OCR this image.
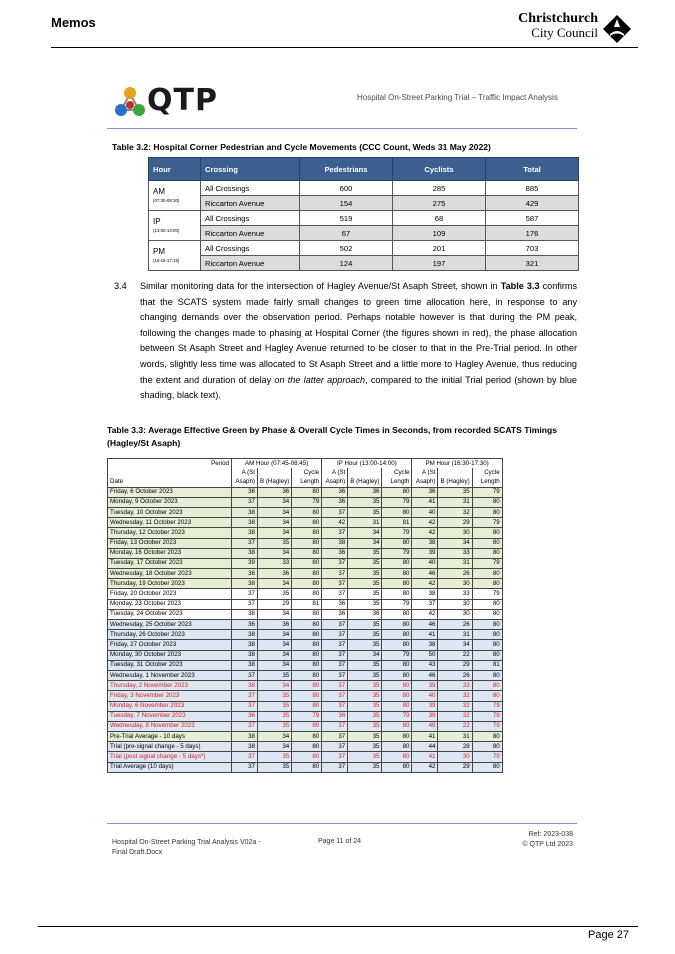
Memos	Christchurch
City Council
QTP	Hospital On-Street Parking Trial – Traffic Impact Analysis
Table 3.2: Hospital Corner Pedestrian and Cycle Movements (CCC Count, Weds 31 May 2022)
Hour	Crossing	Pedestrians	Cyclists	Total
AM
(07:30-08:30)	All Crossings	600	285	885
	Riccarton Avenue	154	275	429
IP
(13:00-14:00)	All Crossings	519	68	587
	Riccarton Avenue	67	109	176
PM
(16:15-17:15)	All Crossings	502	201	703
	Riccarton Avenue	124	197	321
3.4 Similar monitoring data for the intersection of Hagley Avenue/St Asaph Street, shown in Table 3.3 confirms that the SCATS system made fairly small changes to green time allocation here, in response to any changing demands over the observation period. Perhaps notable however is that during the PM peak, following the changes made to phasing at Hospital Corner (the figures shown in red), the phase allocation between St Asaph Street and Hagley Avenue returned to be closer to that in the Pre-Trial period. In other words, slightly less time was allocated to St Asaph Street and a little more to Hagley Avenue, thus reducing the extent and duration of delay on the latter approach, compared to the initial Trial period (shown by blue shading, black text).
Table 3.3: Average Effective Green by Phase & Overall Cycle Times in Seconds, from recorded SCATS Timings (Hagley/St Asaph)
Period	AM Hour (07:45-08:45)			IP Hour (13:00-14:00)			PM Hour (16:30-17:30)		
	A (St		Cycle	A (St		Cycle	A (St		Cycle
Date	Asaph)	B (Hagley)	Length	Asaph)	B (Hagley)	Length	Asaph)	B (Hagley)	Length
Friday, 6 October 2023	36	36	80	36	36	80	36	35	79
Monday, 9 October 2023	37	34	79	36	35	79	41	31	80
Tuesday, 10 October 2023	38	34	80	37	35	80	40	32	80
Wednesday, 11 October 2023	38	34	80	42	31	81	42	29	79
Thursday, 12 October 2023	38	34	80	37	34	79	42	30	80
Friday, 13 October 2023	37	35	80	38	34	80	38	34	80
Monday, 16 October 2023	38	34	80	36	35	79	39	33	80
Tuesday, 17 October 2023	39	33	80	37	35	80	40	31	79
Wednesday, 18 October 2023	36	36	80	37	35	80	46	26	80
Thursday, 19 October 2023	38	34	80	37	35	80	42	30	80
Friday, 20 October 2023	37	35	80	37	35	80	38	33	79
Monday, 23 October 2023	37	29	81	36	35	79	37	30	80
Tuesday, 24 October 2023	38	34	80	36	36	80	42	30	80
Wednesday, 25 October 2023	36	36	80	37	35	80	46	26	80
Thursday, 26 October 2023	38	34	80	37	35	80	41	31	80
Friday, 27 October 2023	38	34	80	37	35	80	38	34	80
Monday, 30 October 2023	38	34	80	37	34	79	50	22	80
Tuesday, 31 October 2023	38	34	80	37	35	80	43	29	81
Wednesday, 1 November 2023	37	35	80	37	35	80	46	26	80
Thursday, 2 November 2023	38	34	80	37	35	80	39	33	80
Friday, 3 November 2023	37	35	80	37	35	80	40	32	80
Monday, 6 November 2023	37	35	80	37	35	80	39	32	79
Tuesday, 7 November 2023	36	35	79	36	35	79	39	32	79
Wednesday, 8 November 2023	37	35	80	37	35	80	49	22	79
Pre-Trial Average - 10 days	38	34	80	37	35	80	41	31	80
Trial (pre-signal change - 5 days)	38	34	80	37	35	80	44	28	80
Trial (post signal change - 5 days*)	37	35	80	37	35	80	41	30	79
Trial Average (10 days)	37	35	80	37	35	80	42	29	80
Hospital On-Street Parking Trial Analysis V02a -
Final Draft.Docx
Page 11 of 24
Ref: 2023-038
© QTP Ltd 2023
Page 27
